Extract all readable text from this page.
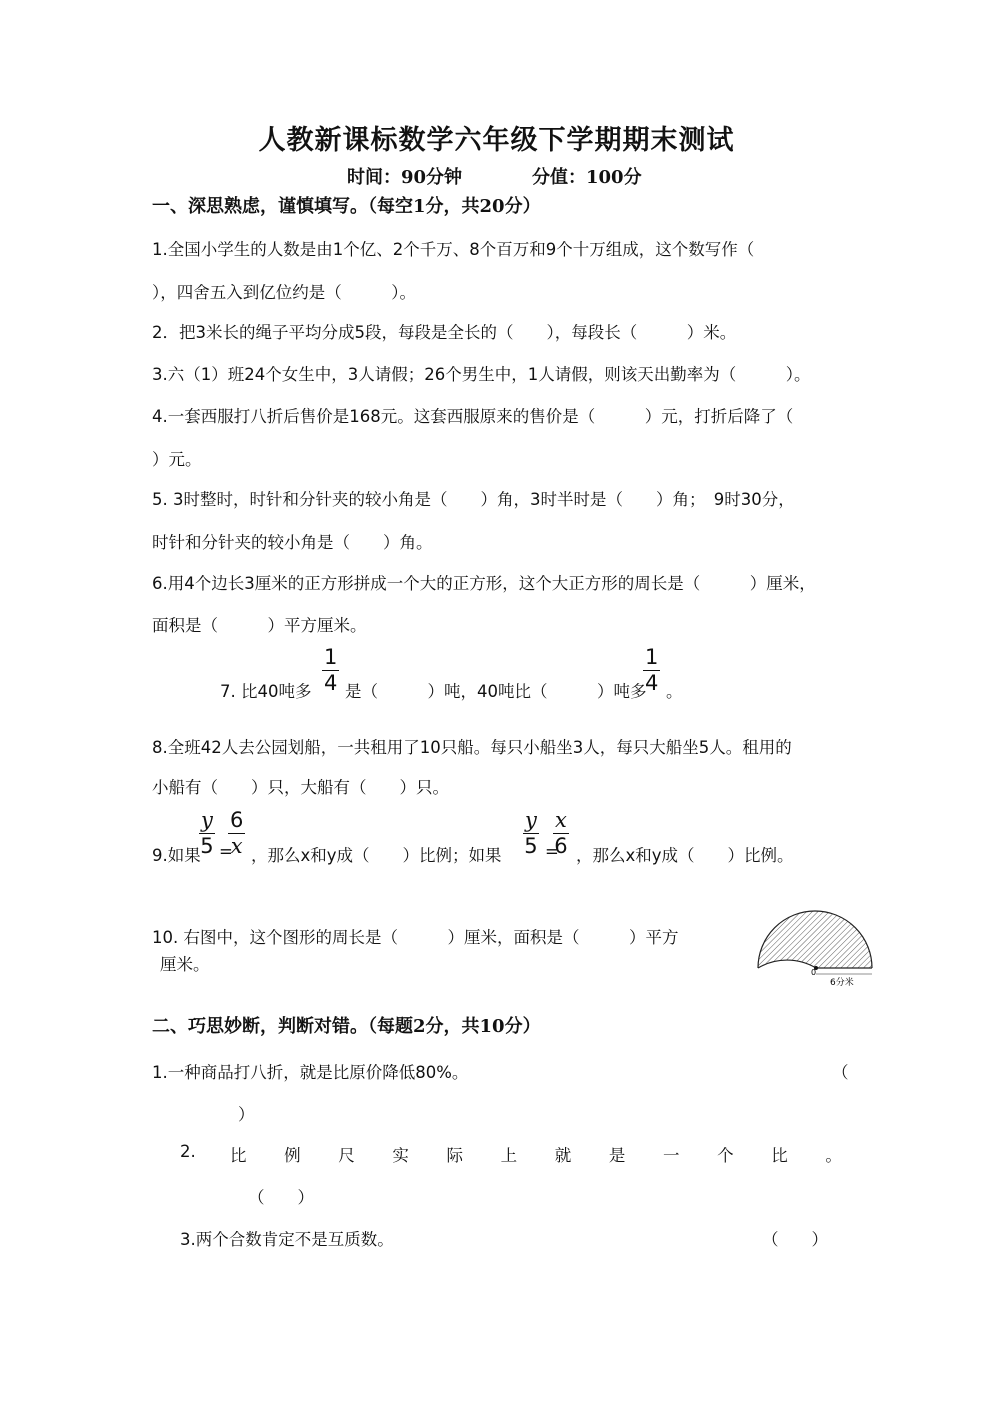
人教新课标数学六年级下学期期末测试
时间：90分钟	分值：100分
一、深思熟虑，谨慎填写。（每空1分，共20分）
1.全国小学生的人数是由1个亿、2个千万、8个百万和9个十万组成，这个数写作（
），四舍五入到亿位约是（　　　）。
2．把3米长的绳子平均分成5段，每段是全长的（　　），每段长（　　　）米。
3.六（1）班24个女生中，3人请假；26个男生中，1人请假，则该天出勤率为（　　　）。
4.一套西服打八折后售价是168元。这套西服原来的售价是（　　　）元，打折后降了（
）元。
5. 3时整时，时针和分针夹的较小角是（　　）角，3时半时是（　　）角；　9时30分，
时针和分针夹的较小角是（　　）角。
6.用4个边长3厘米的正方形拼成一个大的正方形，这个大正方形的周长是（　　　）厘米，
面积是（　　　）平方厘米。
7. 比40吨多 $\frac{1}{4}$ 是（　　　）吨，40吨比（　　　）吨多
$\frac{1}{4}$ 。
8.全班42人去公园划船，一共租用了10只船。每只小船坐3人，每只大船坐5人。租用的
小船有（　　）只，大船有（　　）只。
9.如果
$\frac{y}{5}$ =
$\frac{6}{x}$ ，那么x和y成（　　）比例；如果 $\frac{y}{5}$ =
$\frac{x}{6}$ ，那么x和y成（　　）比例。
10. 右图中，这个图形的周长是（　　　）厘米，面积是（　　　）平方
厘米。	0
6分米
二、巧思妙断，判断对错。（每题2分，共10分）
1.一种商品打八折，就是比原价降低80%。	（
）
2. 比 例 尺 实 际 上 就 是 一 个 比 。
（　　）
3.两个合数肯定不是互质数。	（　　）
